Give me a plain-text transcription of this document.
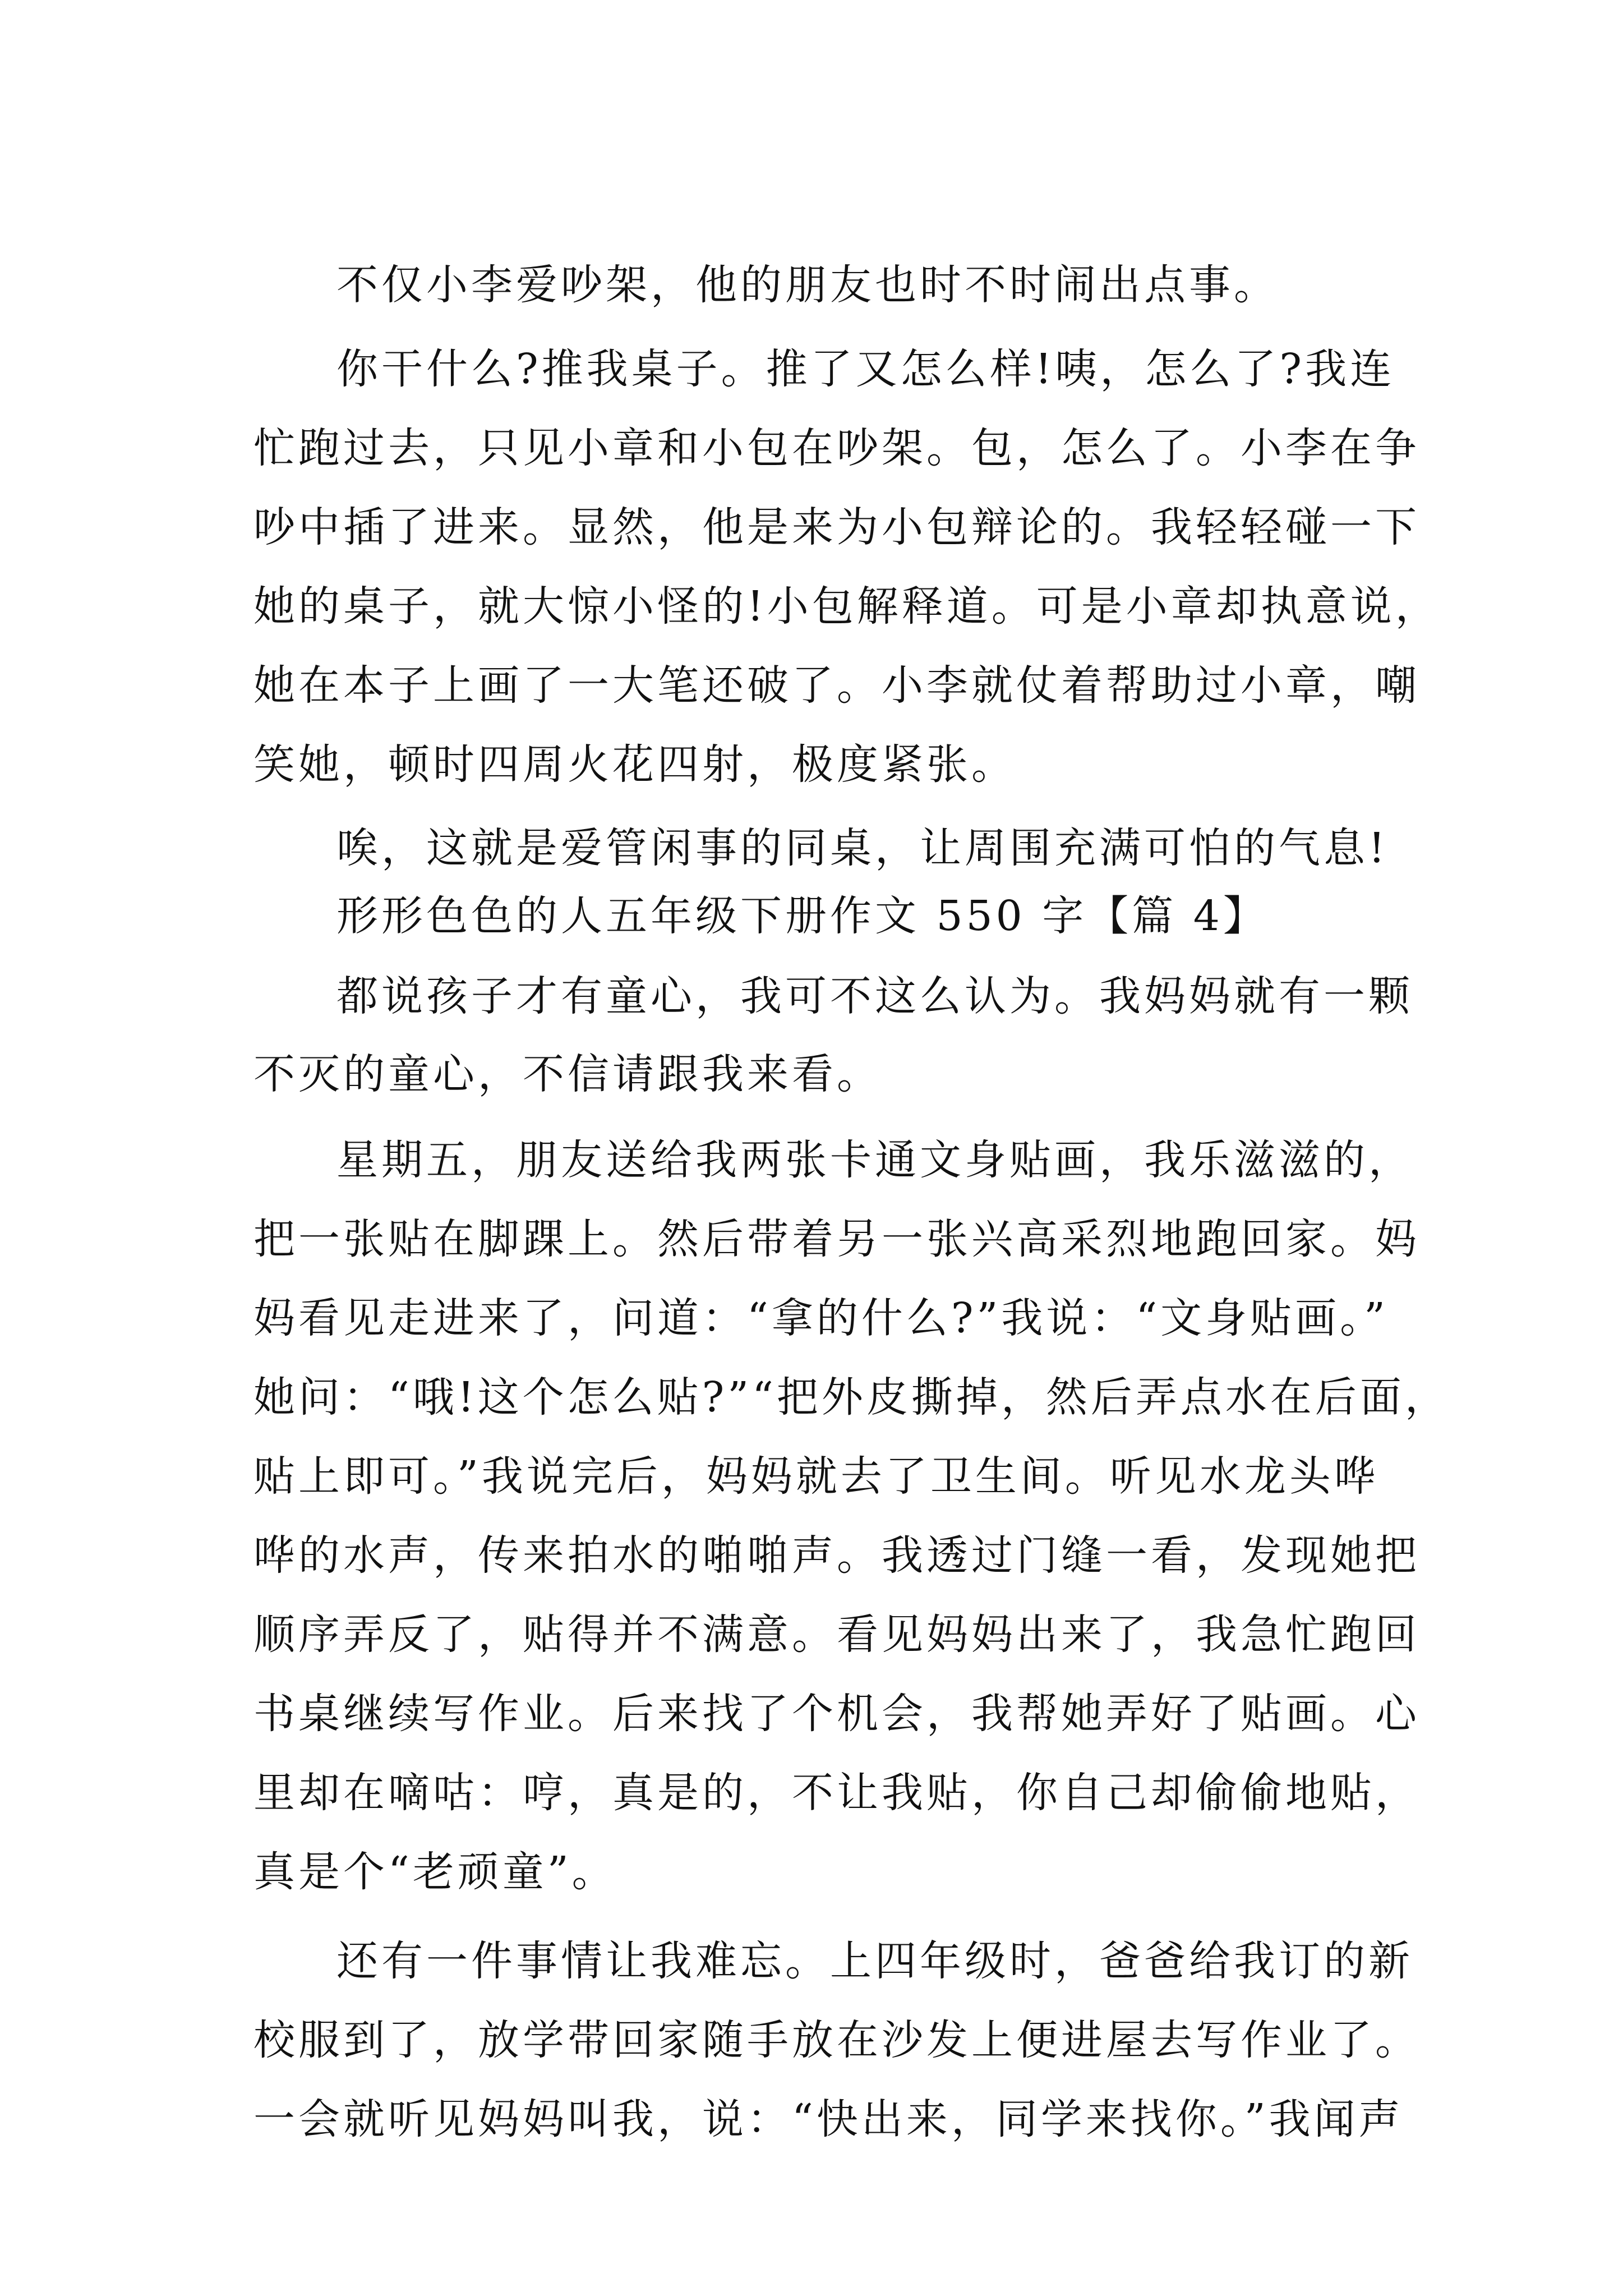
不仅小李爱吵架，他的朋友也时不时闹出点事。

你干什么?推我桌子。推了又怎么样!咦，怎么了?我连

忙跑过去，只见小章和小包在吵架。包，怎么了。小李在争

吵中插了进来。显然，他是来为小包辩论的。我轻轻碰一下

她的桌子，就大惊小怪的!小包解释道。可是小章却执意说，

她在本子上画了一大笔还破了。小李就仗着帮助过小章，嘲

笑她，顿时四周火花四射，极度紧张。

唉，这就是爱管闲事的同桌，让周围充满可怕的气息!

形形色色的人五年级下册作文 550 字【篇 4】

都说孩子才有童心，我可不这么认为。我妈妈就有一颗

不灭的童心，不信请跟我来看。

星期五，朋友送给我两张卡通文身贴画，我乐滋滋的，

把一张贴在脚踝上。然后带着另一张兴高采烈地跑回家。妈

妈看见走进来了，问道：“拿的什么?”我说：“文身贴画。”

她问：“哦!这个怎么贴?”“把外皮撕掉，然后弄点水在后面，

贴上即可。”我说完后，妈妈就去了卫生间。听见水龙头哗

哗的水声，传来拍水的啪啪声。我透过门缝一看，发现她把

顺序弄反了，贴得并不满意。看见妈妈出来了，我急忙跑回

书桌继续写作业。后来找了个机会，我帮她弄好了贴画。心

里却在嘀咕：哼，真是的，不让我贴，你自己却偷偷地贴，

真是个“老顽童”。

还有一件事情让我难忘。上四年级时，爸爸给我订的新

校服到了，放学带回家随手放在沙发上便进屋去写作业了。

一会就听见妈妈叫我，说：“快出来，同学来找你。”我闻声
